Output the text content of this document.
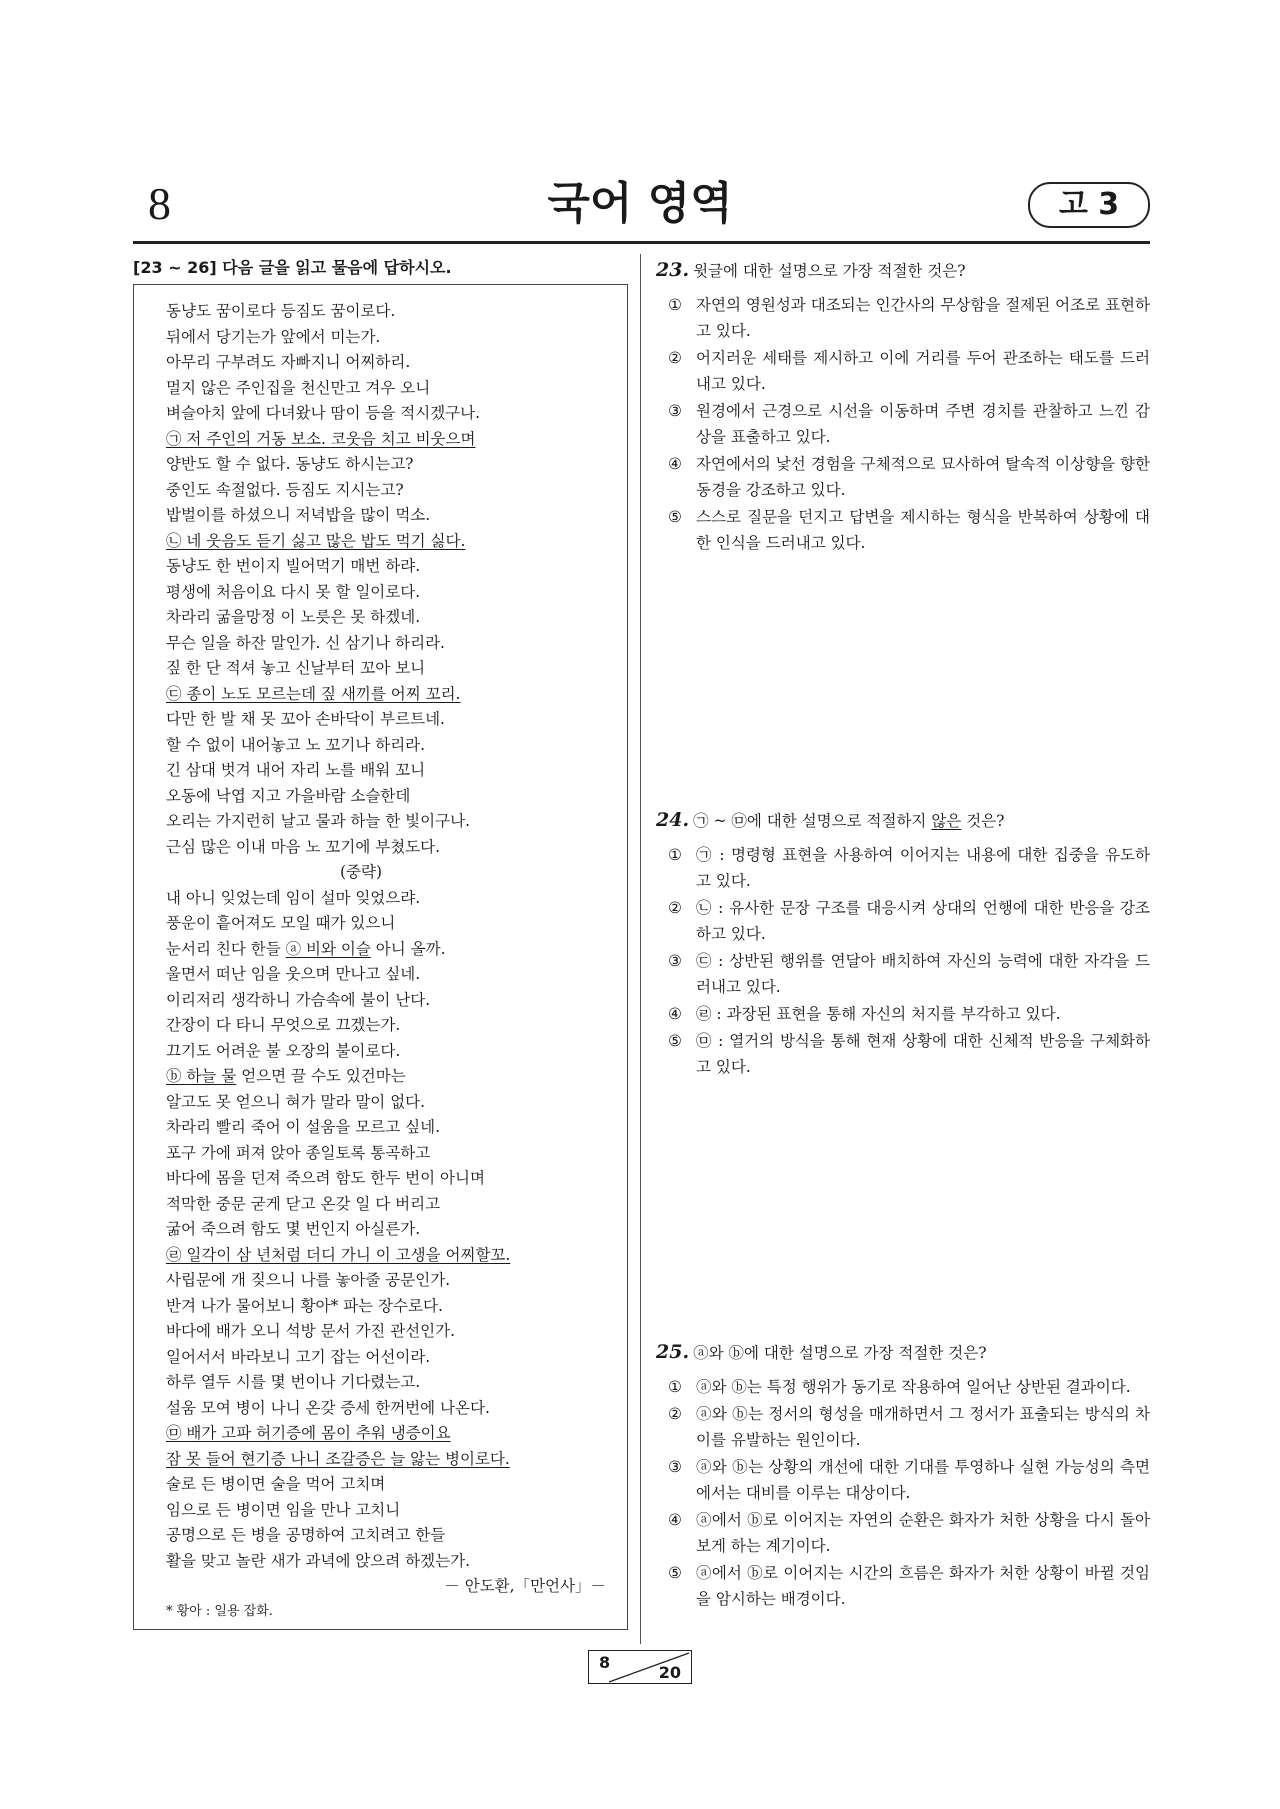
8	국어 영역	고 3
[23 ~ 26] 다음 글을 읽고 물음에 답하시오.
동냥도 꿈이로다 등짐도 꿈이로다.
뒤에서 당기는가 앞에서 미는가.
아무리 구부려도 자빠지니 어찌하리.
멀지 않은 주인집을 천신만고 겨우 오니
벼슬아치 앞에 다녀왔나 땀이 등을 적시겠구나.
㉠ 저 주인의 거동 보소. 코웃음 치고 비웃으며
양반도 할 수 없다. 동냥도 하시는고?
중인도 속절없다. 등짐도 지시는고?
밥벌이를 하셨으니 저녁밥을 많이 먹소.
㉡ 네 웃음도 듣기 싫고 많은 밥도 먹기 싫다.
동냥도 한 번이지 빌어먹기 매번 하랴.
평생에 처음이요 다시 못 할 일이로다.
차라리 굶을망정 이 노릇은 못 하겠네.
무슨 일을 하잔 말인가. 신 삼기나 하리라.
짚 한 단 적셔 놓고 신날부터 꼬아 보니
㉢ 종이 노도 모르는데 짚 새끼를 어찌 꼬리.
다만 한 발 채 못 꼬아 손바닥이 부르트네.
할 수 없이 내어놓고 노 꼬기나 하리라.
긴 삼대 벗겨 내어 자리 노를 배워 꼬니
오동에 낙엽 지고 가을바람 소슬한데
오리는 가지런히 날고 물과 하늘 한 빛이구나.
근심 많은 이내 마음 노 꼬기에 부쳤도다.
(중략)
내 아니 잊었는데 임이 설마 잊었으랴.
풍운이 흩어져도 모일 때가 있으니
눈서리 친다 한들 ⓐ 비와 이슬 아니 올까.
울면서 떠난 임을 웃으며 만나고 싶네.
이리저리 생각하니 가슴속에 불이 난다.
간장이 다 타니 무엇으로 끄겠는가.
끄기도 어려운 불 오장의 불이로다.
ⓑ 하늘 물 얻으면 끌 수도 있건마는
알고도 못 얻으니 혀가 말라 말이 없다.
차라리 빨리 죽어 이 설움을 모르고 싶네.
포구 가에 퍼져 앉아 종일토록 통곡하고
바다에 몸을 던져 죽으려 함도 한두 번이 아니며
적막한 중문 굳게 닫고 온갖 일 다 버리고
굶어 죽으려 함도 몇 번인지 아실른가.
㉣ 일각이 삼 년처럼 더디 가니 이 고생을 어찌할꼬.
사립문에 개 짖으니 나를 놓아줄 공문인가.
반겨 나가 물어보니 황아* 파는 장수로다.
바다에 배가 오니 석방 문서 가진 관선인가.
일어서서 바라보니 고기 잡는 어선이라.
하루 열두 시를 몇 번이나 기다렸는고.
설움 모여 병이 나니 온갖 증세 한꺼번에 나온다.
㉤ 배가 고파 허기증에 몸이 추워 냉증이요
잠 못 들어 현기증 나니 조갈증은 늘 앓는 병이로다.
술로 든 병이면 술을 먹어 고치며
임으로 든 병이면 임을 만나 고치니
공명으로 든 병을 공명하여 고치려고 한들
활을 맞고 놀란 새가 과녁에 앉으려 하겠는가.
－ 안도환,「만언사」－
* 황아 : 일용 잡화.
23. 윗글에 대한 설명으로 가장 적절한 것은?
① 자연의 영원성과 대조되는 인간사의 무상함을 절제된 어조로 표현하고 있다.
② 어지러운 세태를 제시하고 이에 거리를 두어 관조하는 태도를 드러내고 있다.
③ 원경에서 근경으로 시선을 이동하며 주변 경치를 관찰하고 느낀 감상을 표출하고 있다.
④ 자연에서의 낯선 경험을 구체적으로 묘사하여 탈속적 이상향을 향한 동경을 강조하고 있다.
⑤ 스스로 질문을 던지고 답변을 제시하는 형식을 반복하여 상황에 대한 인식을 드러내고 있다.
24. ㉠ ~ ㉤에 대한 설명으로 적절하지 않은 것은?
① ㉠ : 명령형 표현을 사용하여 이어지는 내용에 대한 집중을 유도하고 있다.
② ㉡ : 유사한 문장 구조를 대응시켜 상대의 언행에 대한 반응을 강조하고 있다.
③ ㉢ : 상반된 행위를 연달아 배치하여 자신의 능력에 대한 자각을 드러내고 있다.
④ ㉣ : 과장된 표현을 통해 자신의 처지를 부각하고 있다.
⑤ ㉤ : 열거의 방식을 통해 현재 상황에 대한 신체적 반응을 구체화하고 있다.
25. ⓐ와 ⓑ에 대한 설명으로 가장 적절한 것은?
① ⓐ와 ⓑ는 특정 행위가 동기로 작용하여 일어난 상반된 결과이다.
② ⓐ와 ⓑ는 정서의 형성을 매개하면서 그 정서가 표출되는 방식의 차이를 유발하는 원인이다.
③ ⓐ와 ⓑ는 상황의 개선에 대한 기대를 투영하나 실현 가능성의 측면에서는 대비를 이루는 대상이다.
④ ⓐ에서 ⓑ로 이어지는 자연의 순환은 화자가 처한 상황을 다시 돌아보게 하는 계기이다.
⑤ ⓐ에서 ⓑ로 이어지는 시간의 흐름은 화자가 처한 상황이 바뀔 것임을 암시하는 배경이다.
8
20
